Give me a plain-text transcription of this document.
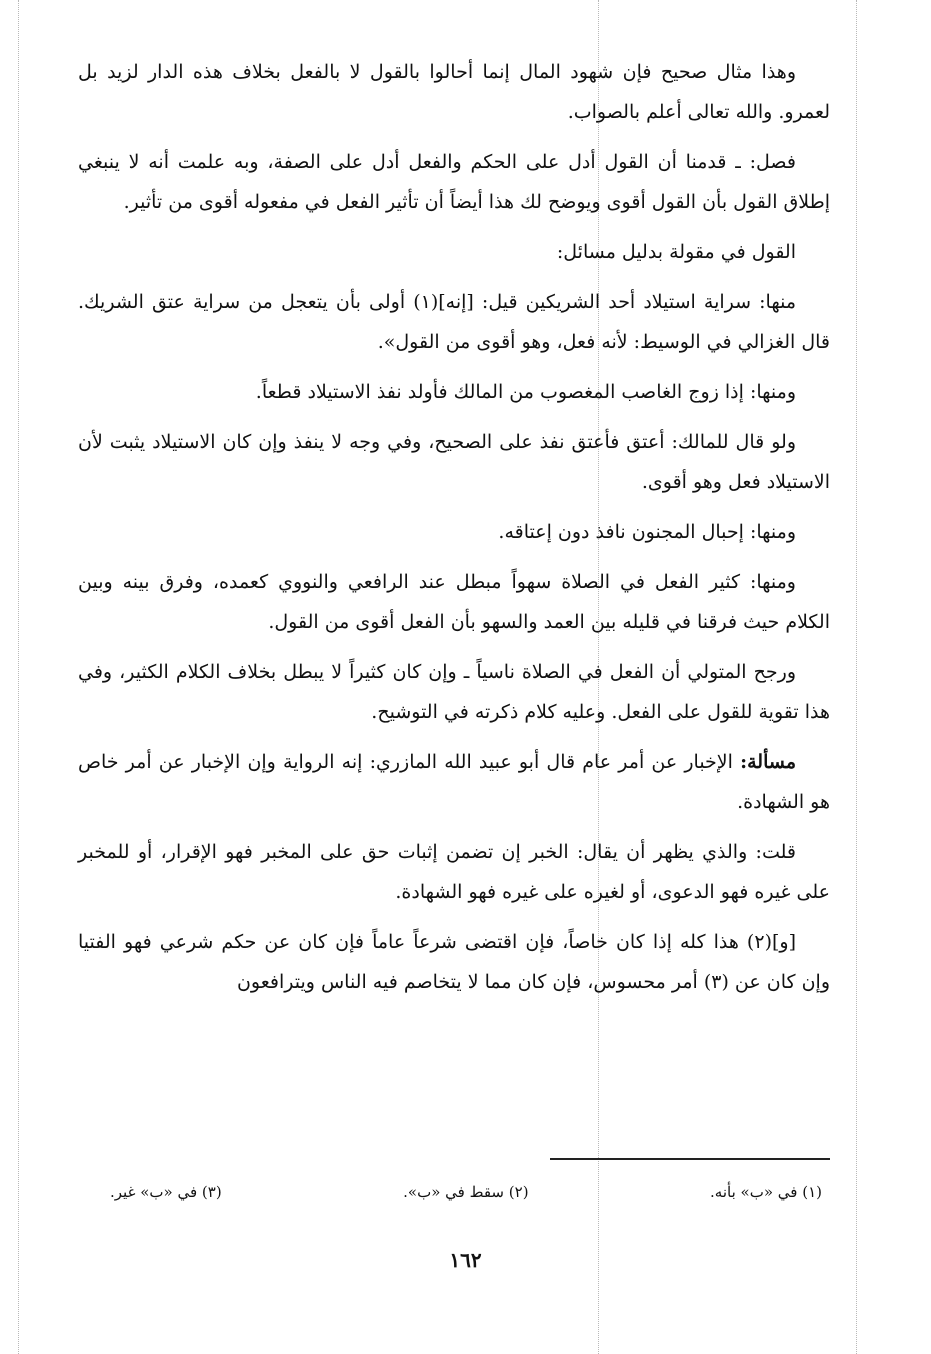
وهذا مثال صحيح فإن شهود المال إنما أحالوا بالقول لا بالفعل بخلاف هذه الدار لزيد بل لعمرو. والله تعالى أعلم بالصواب.

فصل: ـ قدمنا أن القول أدل على الحكم والفعل أدل على الصفة، وبه علمت أنه لا ينبغي إطلاق القول بأن القول أقوى ويوضح لك هذا أيضاً أن تأثير الفعل في مفعوله أقوى من تأثير.

القول في مقولة بدليل مسائل:

منها: سراية استيلاد أحد الشريكين قيل: [إنه](١) أولى بأن يتعجل من سراية عتق الشريك. قال الغزالي في الوسيط: لأنه فعل، وهو أقوى من القول».

ومنها: إذا زوج الغاصب المغصوب من المالك فأولد نفذ الاستيلاد قطعاً.

ولو قال للمالك: أعتق فأعتق نفذ على الصحيح، وفي وجه لا ينفذ وإن كان الاستيلاد يثبت لأن الاستيلاد فعل وهو أقوى.

ومنها: إحبال المجنون نافذ دون إعتاقه.

ومنها: كثير الفعل في الصلاة سهواً مبطل عند الرافعي والنووي كعمده، وفرق بينه وبين الكلام حيث فرقنا في قليله بين العمد والسهو بأن الفعل أقوى من القول.

ورجح المتولي أن الفعل في الصلاة ناسياً ـ وإن كان كثيراً لا يبطل بخلاف الكلام الكثير، وفي هذا تقوية للقول على الفعل. وعليه كلام ذكرته في التوشيح.

مسألة: الإخبار عن أمر عام قال أبو عبيد الله المازري: إنه الرواية وإن الإخبار عن أمر خاص هو الشهادة.

قلت: والذي يظهر أن يقال: الخبر إن تضمن إثبات حق على المخبر فهو الإقرار، أو للمخبر على غيره فهو الدعوى، أو لغيره على غيره فهو الشهادة.

[و](٢) هذا كله إذا كان خاصاً، فإن اقتضى شرعاً عاماً فإن كان عن حكم شرعي فهو الفتيا وإن كان عن (٣) أمر محسوس، فإن كان مما لا يتخاصم فيه الناس ويترافعون

(١) في «ب» بأنه.
(٢) سقط في «ب».
(٣) في «ب» غير.
١٦٢
